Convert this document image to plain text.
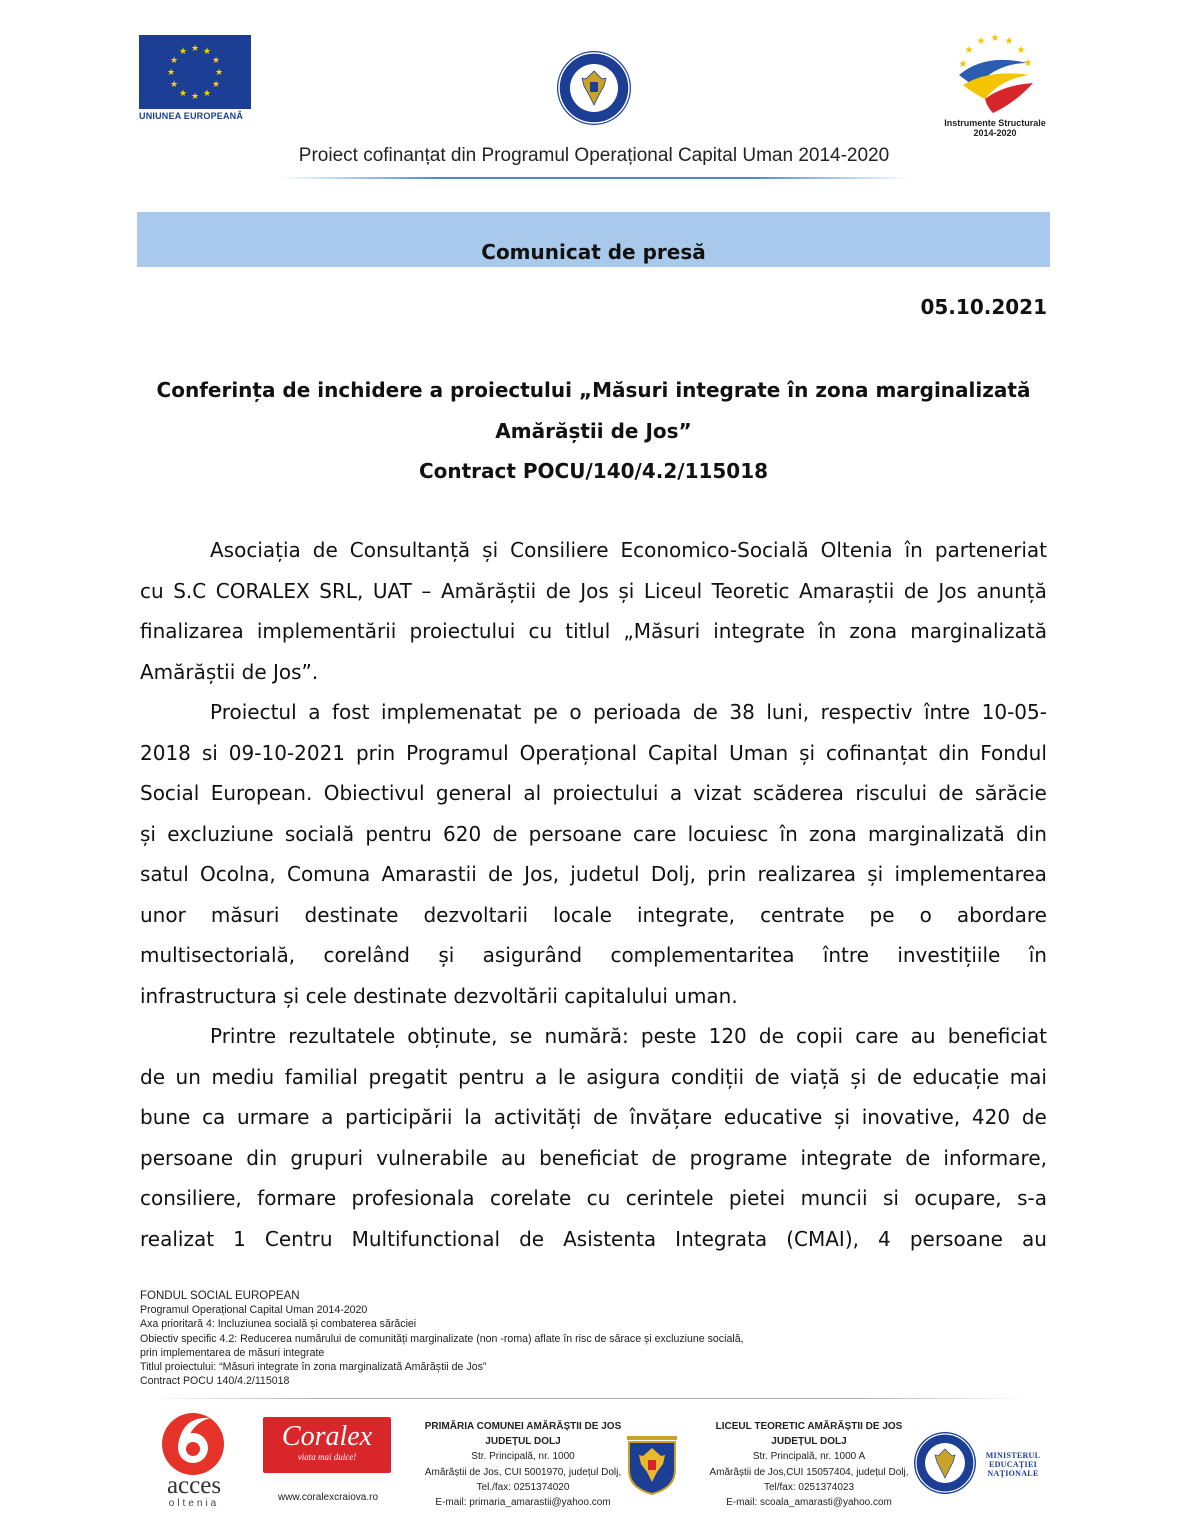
★ ★
★
★
★
★
★
★
★
★
★
★
UNIUNEA EUROPEANĂ
★
★ ★ ★
★
★
★
Instrumente Structurale
2014-2020
Proiect cofinanțat din Programul Operațional Capital Uman 2014-2020
Comunicat de presă
05.10.2021
Conferința de inchidere a proiectului „Măsuri integrate în zona marginalizată
Amărăștii de Jos”
Contract POCU/140/4.2/115018
Asociația de Consultanță și Consiliere Economico-Socială Oltenia în parteneriat
cu S.C CORALEX SRL, UAT – Amărăștii de Jos și Liceul Teoretic Amaraștii de Jos anunță
finalizarea implementării proiectului cu titlul „Măsuri integrate în zona marginalizată
Amărăștii de Jos”.
Proiectul a fost implemenatat pe o perioada de 38 luni, respectiv între 10-05-
2018 si 09-10-2021 prin Programul Operațional Capital Uman și cofinanțat din Fondul
Social European. Obiectivul general al proiectului a vizat scăderea riscului de sărăcie
și excluziune socială pentru 620 de persoane care locuiesc în zona marginalizată din
satul Ocolna, Comuna Amarastii de Jos, judetul Dolj, prin realizarea și implementarea
unor măsuri destinate dezvoltarii locale integrate, centrate pe o abordare
multisectorială, corelând și asigurând complementaritea între investițiile în
infrastructura și cele destinate dezvoltării capitalului uman.
Printre rezultatele obținute, se numără: peste 120 de copii care au beneficiat
de un mediu familial pregatit pentru a le asigura condiții de viață și de educație mai
bune ca urmare a participării la activități de învățare educative și inovative, 420 de
persoane din grupuri vulnerabile au beneficiat de programe integrate de informare,
consiliere, formare profesionala corelate cu cerintele pietei muncii si ocupare, s-a
realizat 1 Centru Multifunctional de Asistenta Integrata (CMAI), 4 persoane au
FONDUL SOCIAL EUROPEAN
Programul Operațional Capital Uman 2014-2020
Axa prioritară 4: Incluziunea socială și combaterea sărăciei
Obiectiv specific 4.2: Reducerea numărului de comunități marginalizate (non -roma) aflate în risc de sărace și excluziune socială,
prin implementarea de măsuri integrate
Titlul proiectului: “Măsuri integrate în zona marginalizată Amărăștii de Jos”
Contract POCU 140/4.2/115018
acces
oltenia
Coralex
viata mai dulce!
www.coralexcraiova.ro
PRIMĂRIA COMUNEI AMĂRĂȘTII DE JOS
JUDEȚUL DOLJ
Str. Principală, nr. 1000
Amărăștii de Jos, CUI 5001970, județul Dolj,
Tel./fax: 0251374020
E-mail: primaria_amarastii@yahoo.com
LICEUL TEORETIC AMĂRĂȘTII DE JOS
JUDEȚUL DOLJ
Str. Principală, nr. 1000 A
Amărăștii de Jos,CUI 15057404, județul Dolj,
Tel/fax: 0251374023
E-mail: scoala_amarasti@yahoo.com
MINISTERUL
EDUCAȚIEI
NAȚIONALE
